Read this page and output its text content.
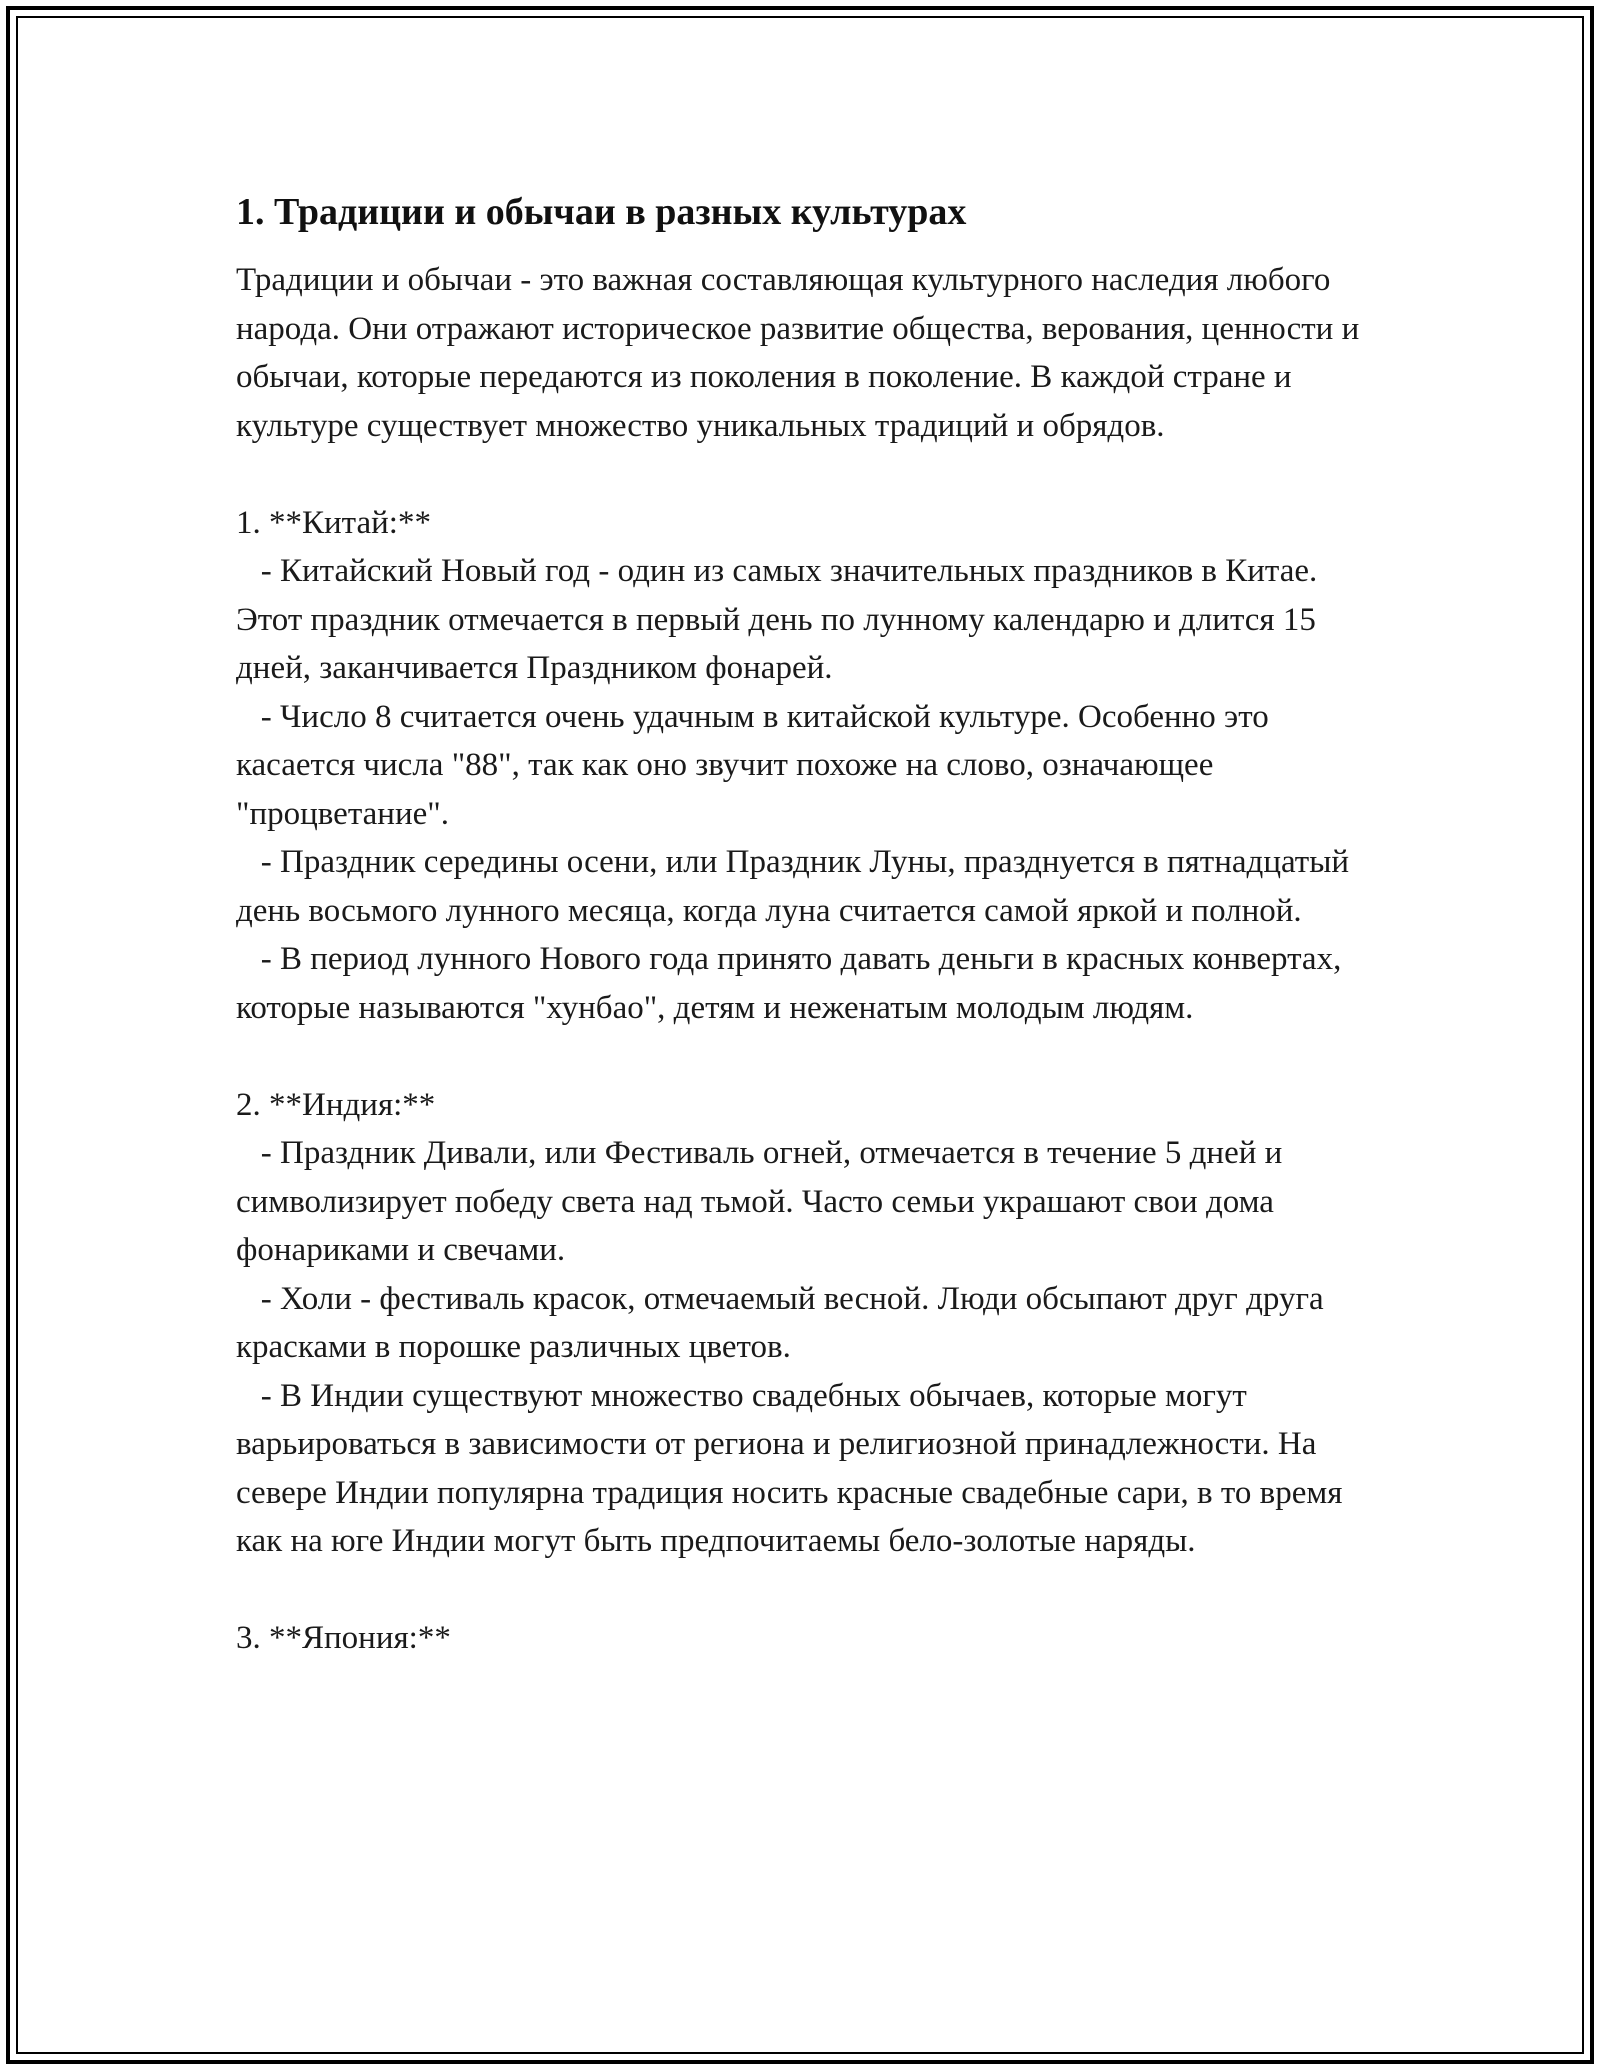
1. Традиции и обычаи в разных культурах

Традиции и обычаи - это важная составляющая культурного наследия любого народа. Они отражают историческое развитие общества, верования, ценности и обычаи, которые передаются из поколения в поколение. В каждой стране и культуре существует множество уникальных традиций и обрядов.

1. **Китай:**

- Китайский Новый год - один из самых значительных праздников в Китае. Этот праздник отмечается в первый день по лунному календарю и длится 15 дней, заканчивается Праздником фонарей.

- Число 8 считается очень удачным в китайской культуре. Особенно это касается числа "88", так как оно звучит похоже на слово, означающее "процветание".

- Праздник середины осени, или Праздник Луны, празднуется в пятнадцатый день восьмого лунного месяца, когда луна считается самой яркой и полной.

- В период лунного Нового года принято давать деньги в красных конвертах, которые называются "хунбао", детям и неженатым молодым людям.

2. **Индия:**

- Праздник Дивали, или Фестиваль огней, отмечается в течение 5 дней и символизирует победу света над тьмой. Часто семьи украшают свои дома фонариками и свечами.

- Холи - фестиваль красок, отмечаемый весной. Люди обсыпают друг друга красками в порошке различных цветов.

- В Индии существуют множество свадебных обычаев, которые могут варьироваться в зависимости от региона и религиозной принадлежности. На севере Индии популярна традиция носить красные свадебные сари, в то время как на юге Индии могут быть предпочитаемы бело-золотые наряды.

3. **Япония:**
